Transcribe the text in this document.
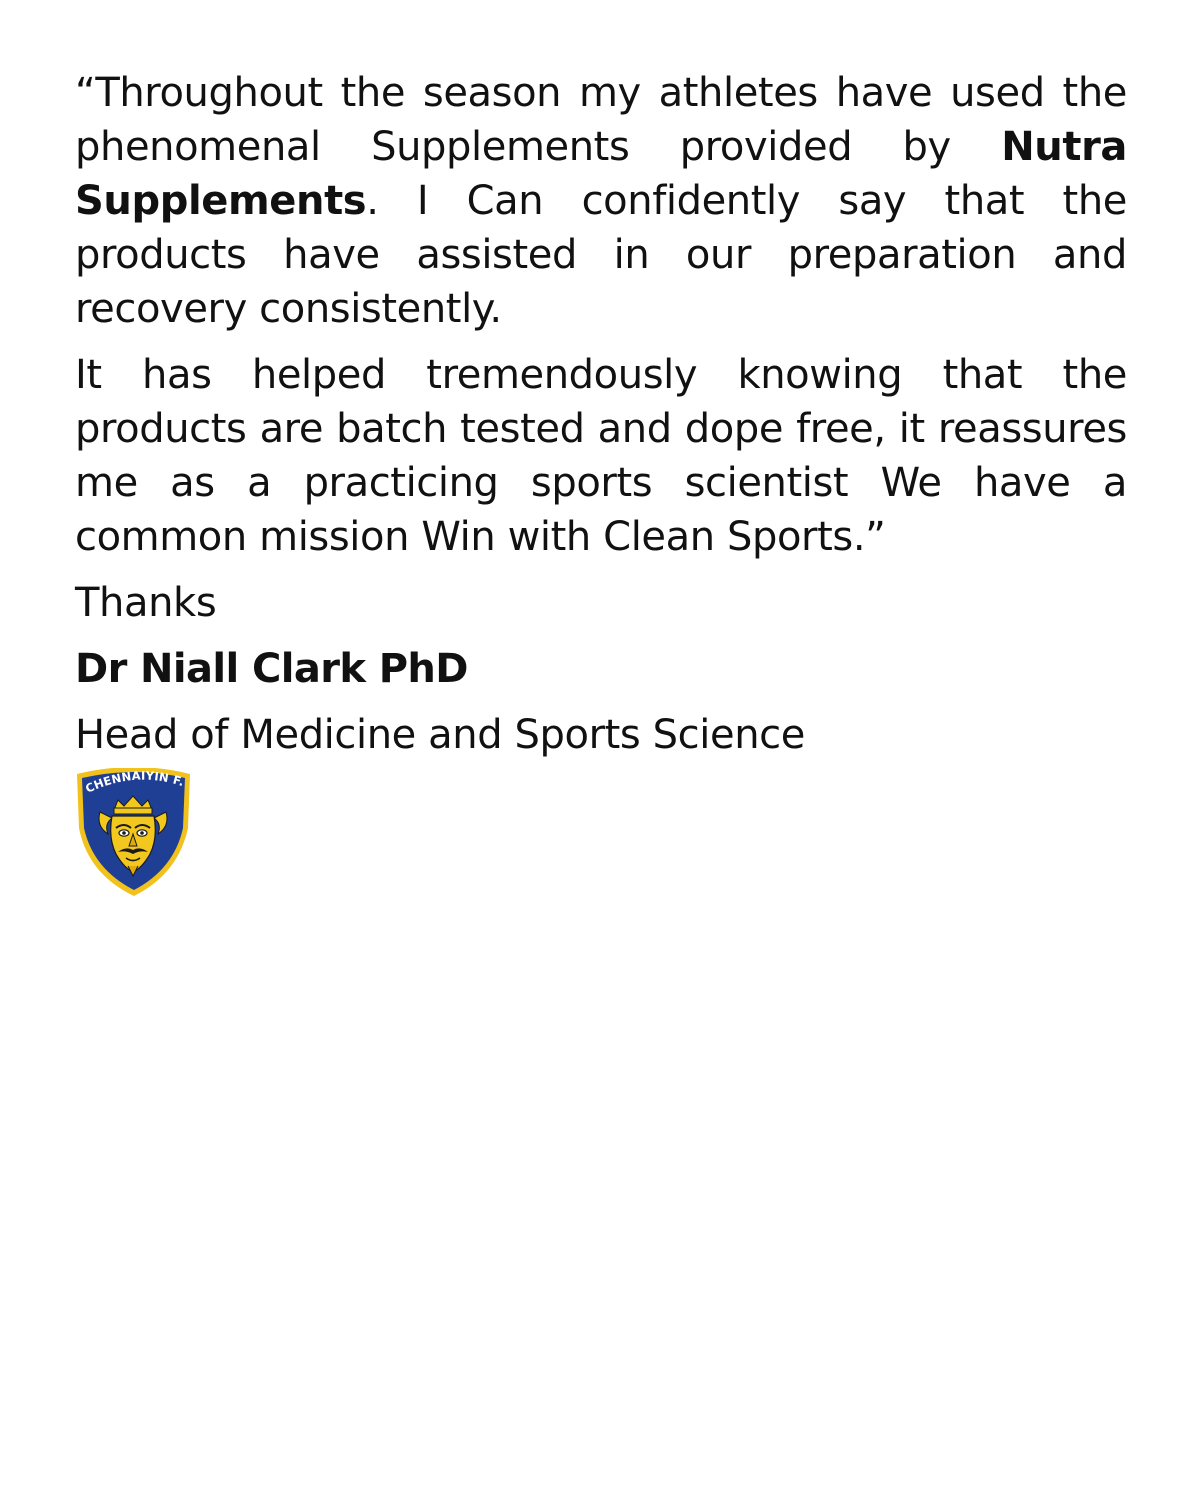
“Throughout the season my athletes have used the phenomenal Supplements provided by Nutra Supplements. I Can confidently say that the products have assisted in our preparation and recovery consistently.

It has helped tremendously knowing that the products are batch tested and dope free, it reassures me as a practicing sports scientist We have a common mission Win with Clean Sports.”

Thanks

Dr Niall Clark PhD

Head of Medicine and Sports Science

CHENNAIYIN F.
